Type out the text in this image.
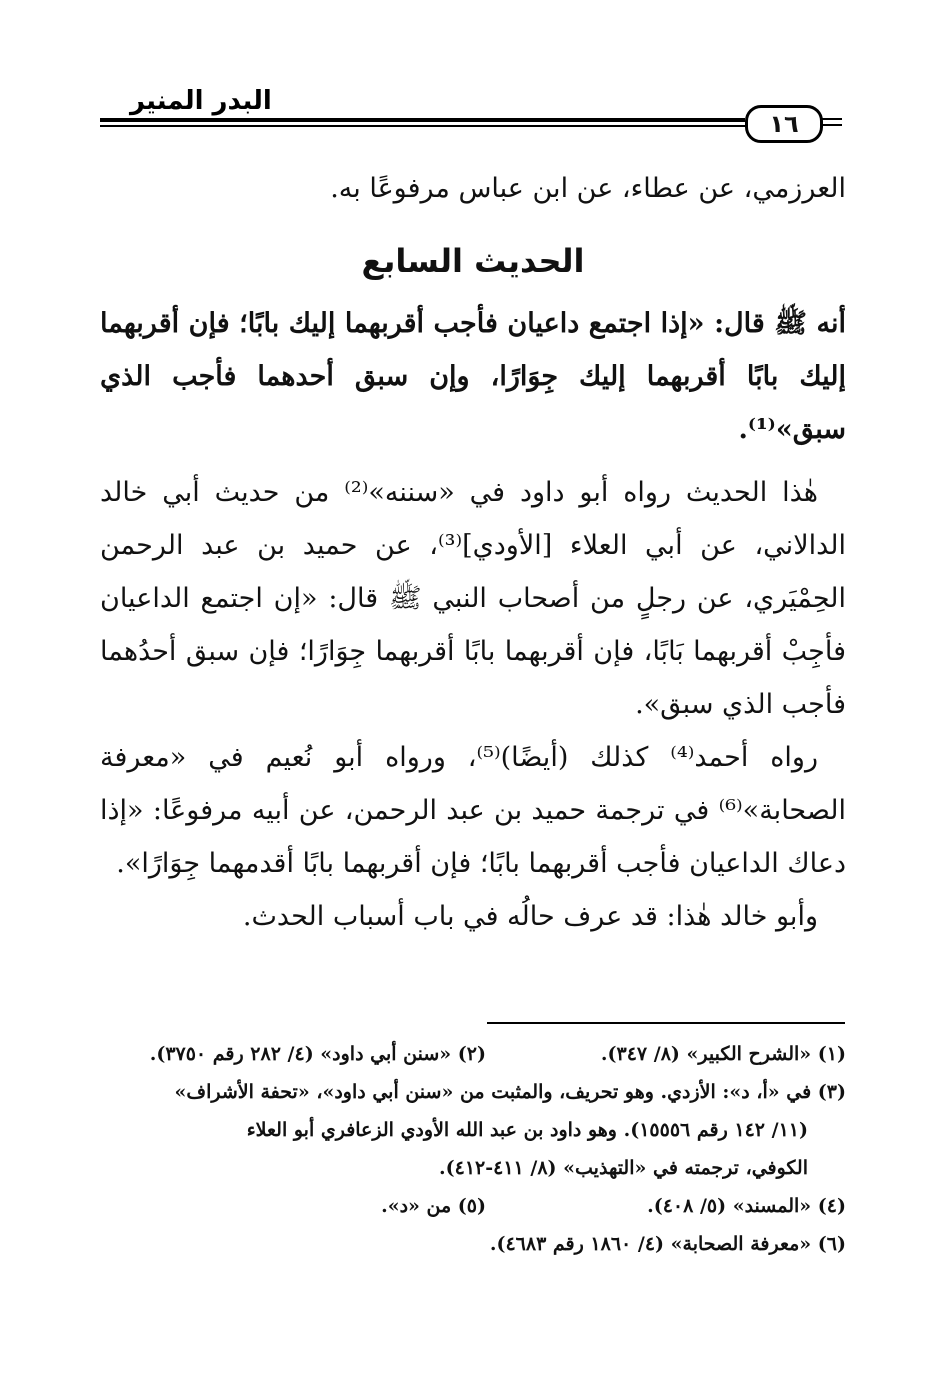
البدر المنير
١٦

العرزمي، عن عطاء، عن ابن عباس مرفوعًا به.

الحديث السابع

أنه ﷺ قال: «إذا اجتمع داعيان فأجب أقربهما إليك بابًا؛ فإن أقربهما إليك بابًا أقربهما إليك جِوَارًا، وإن سبق أحدهما فأجب الذي سبق»⁽¹⁾.

هٰذا الحديث رواه أبو داود في «سننه»⁽²⁾ من حديث أبي خالد الدالاني، عن أبي العلاء [الأودي]⁽³⁾، عن حميد بن عبد الرحمن الحِمْيَري، عن رجلٍ من أصحاب النبي ﷺ قال: «إن اجتمع الداعيان فأجِبْ أقربهما بَابًا، فإن أقربهما بابًا أقربهما جِوَارًا؛ فإن سبق أحدُهما فأجب الذي سبق».

رواه أحمد⁽⁴⁾ كذلك (أيضًا)⁽⁵⁾، ورواه أبو نُعيم في «معرفة الصحابة»⁽⁶⁾ في ترجمة حميد بن عبد الرحمن، عن أبيه مرفوعًا: «إذا دعاك الداعيان فأجب أقربهما بابًا؛ فإن أقربهما بابًا أقدمهما جِوَارًا».

وأبو خالد هٰذا: قد عرف حالُه في باب أسباب الحدث.

(١) «الشرح الكبير» (٨/ ٣٤٧).
(٢) «سنن أبي داود» (٤/ ٢٨٢ رقم ٣٧٥٠).
(٣) في «أ، د»: الأزدي. وهو تحريف، والمثبت من «سنن أبي داود»، «تحفة الأشراف»
(١١/ ١٤٢ رقم ١٥٥٥٦). وهو داود بن عبد الله الأودي الزعافري أبو العلاء
الكوفي، ترجمته في «التهذيب» (٨/ ٤١١-٤١٢).
(٤) «المسند» (٥/ ٤٠٨).
(٥) من «د».
(٦) «معرفة الصحابة» (٤/ ١٨٦٠ رقم ٤٦٨٣).
